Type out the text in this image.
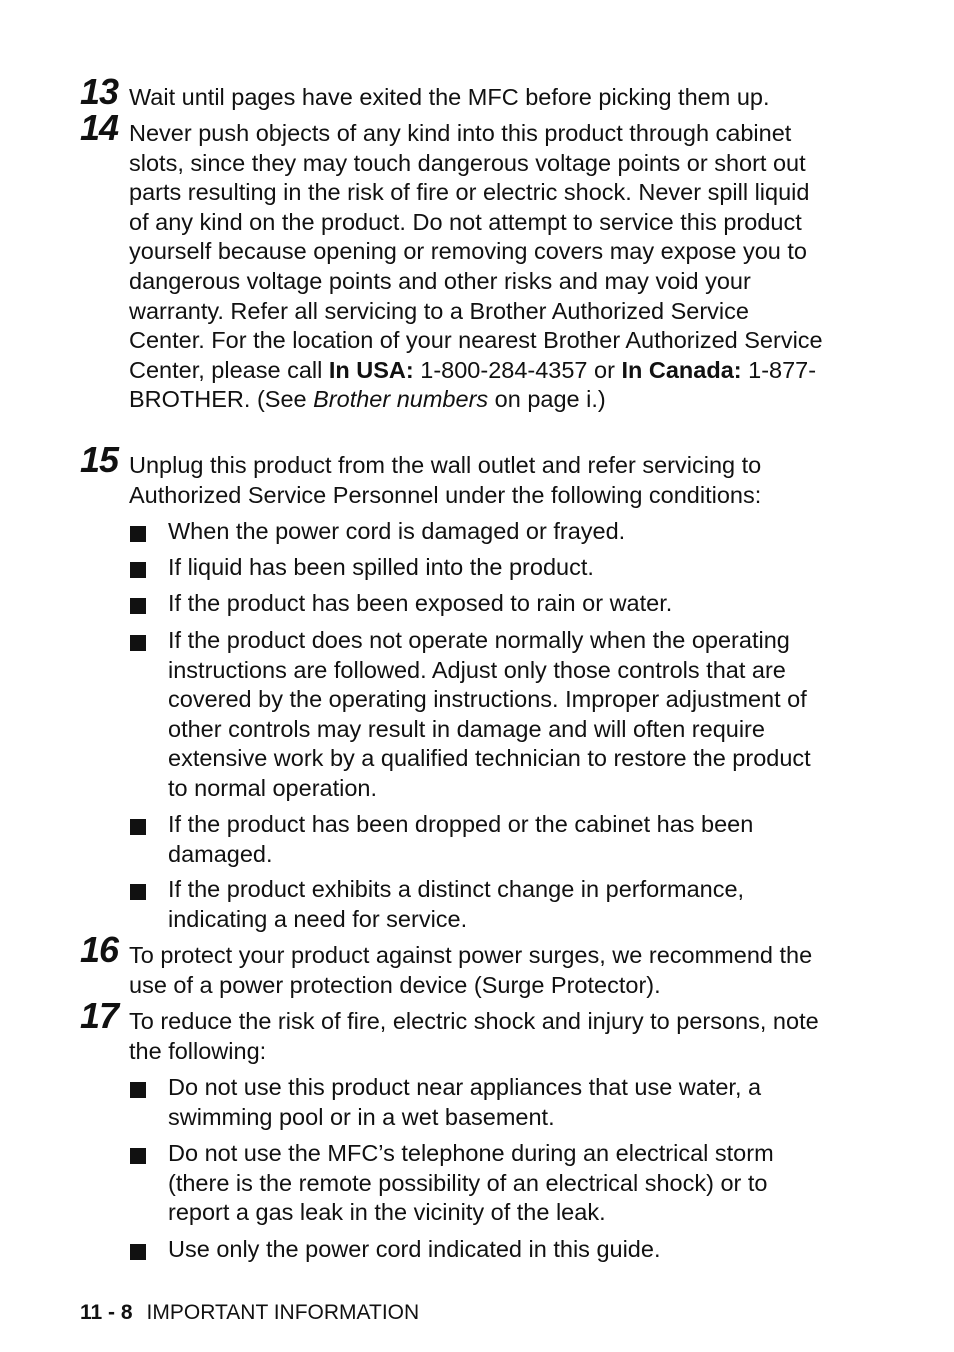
13 Wait until pages have exited the MFC before picking them up.
14 Never push objects of any kind into this product through cabinet slots, since they may touch dangerous voltage points or short out parts resulting in the risk of fire or electric shock. Never spill liquid of any kind on the product. Do not attempt to service this product yourself because opening or removing covers may expose you to dangerous voltage points and other risks and may void your warranty. Refer all servicing to a Brother Authorized Service Center. For the location of your nearest Brother Authorized Service Center, please call In USA: 1-800-284-4357 or In Canada: 1-877-BROTHER. (See Brother numbers on page i.)
15 Unplug this product from the wall outlet and refer servicing to Authorized Service Personnel under the following conditions:
When the power cord is damaged or frayed.
If liquid has been spilled into the product.
If the product has been exposed to rain or water.
If the product does not operate normally when the operating instructions are followed. Adjust only those controls that are covered by the operating instructions. Improper adjustment of other controls may result in damage and will often require extensive work by a qualified technician to restore the product to normal operation.
If the product has been dropped or the cabinet has been damaged.
If the product exhibits a distinct change in performance, indicating a need for service.
16 To protect your product against power surges, we recommend the use of a power protection device (Surge Protector).
17 To reduce the risk of fire, electric shock and injury to persons, note the following:
Do not use this product near appliances that use water, a swimming pool or in a wet basement.
Do not use the MFC’s telephone during an electrical storm (there is the remote possibility of an electrical shock) or to report a gas leak in the vicinity of the leak.
Use only the power cord indicated in this guide.
11 - 8 IMPORTANT INFORMATION
